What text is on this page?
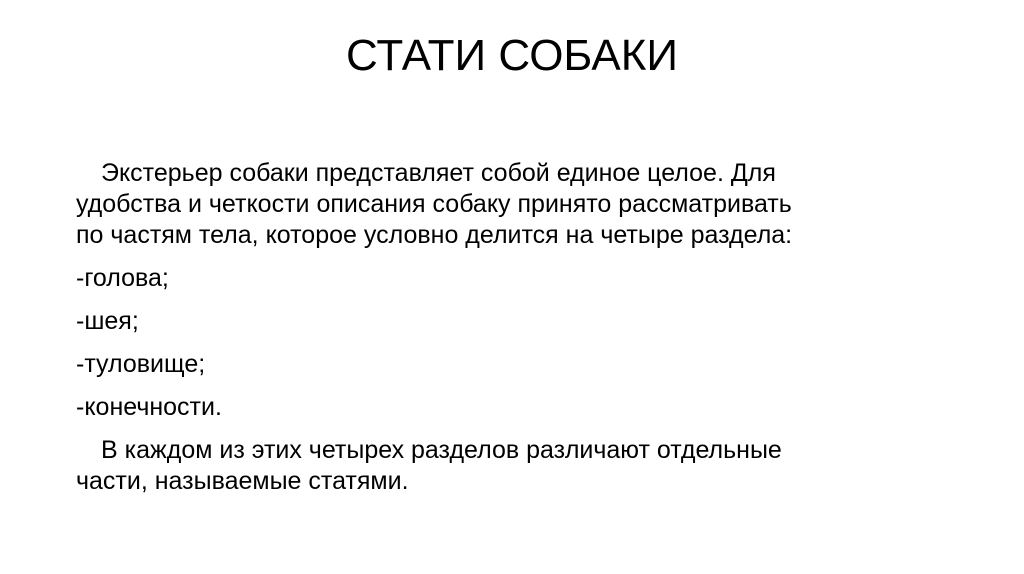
СТАТИ СОБАКИ

Экстерьер собаки представляет собой единое целое. Для
удобства и четкости описания собаку принято рассматривать
по частям тела, которое условно делится на четыре раздела:

-голова;

-шея;

-туловище;

-конечности.

В каждом из этих четырех разделов различают отдельные
части, называемые статями.
